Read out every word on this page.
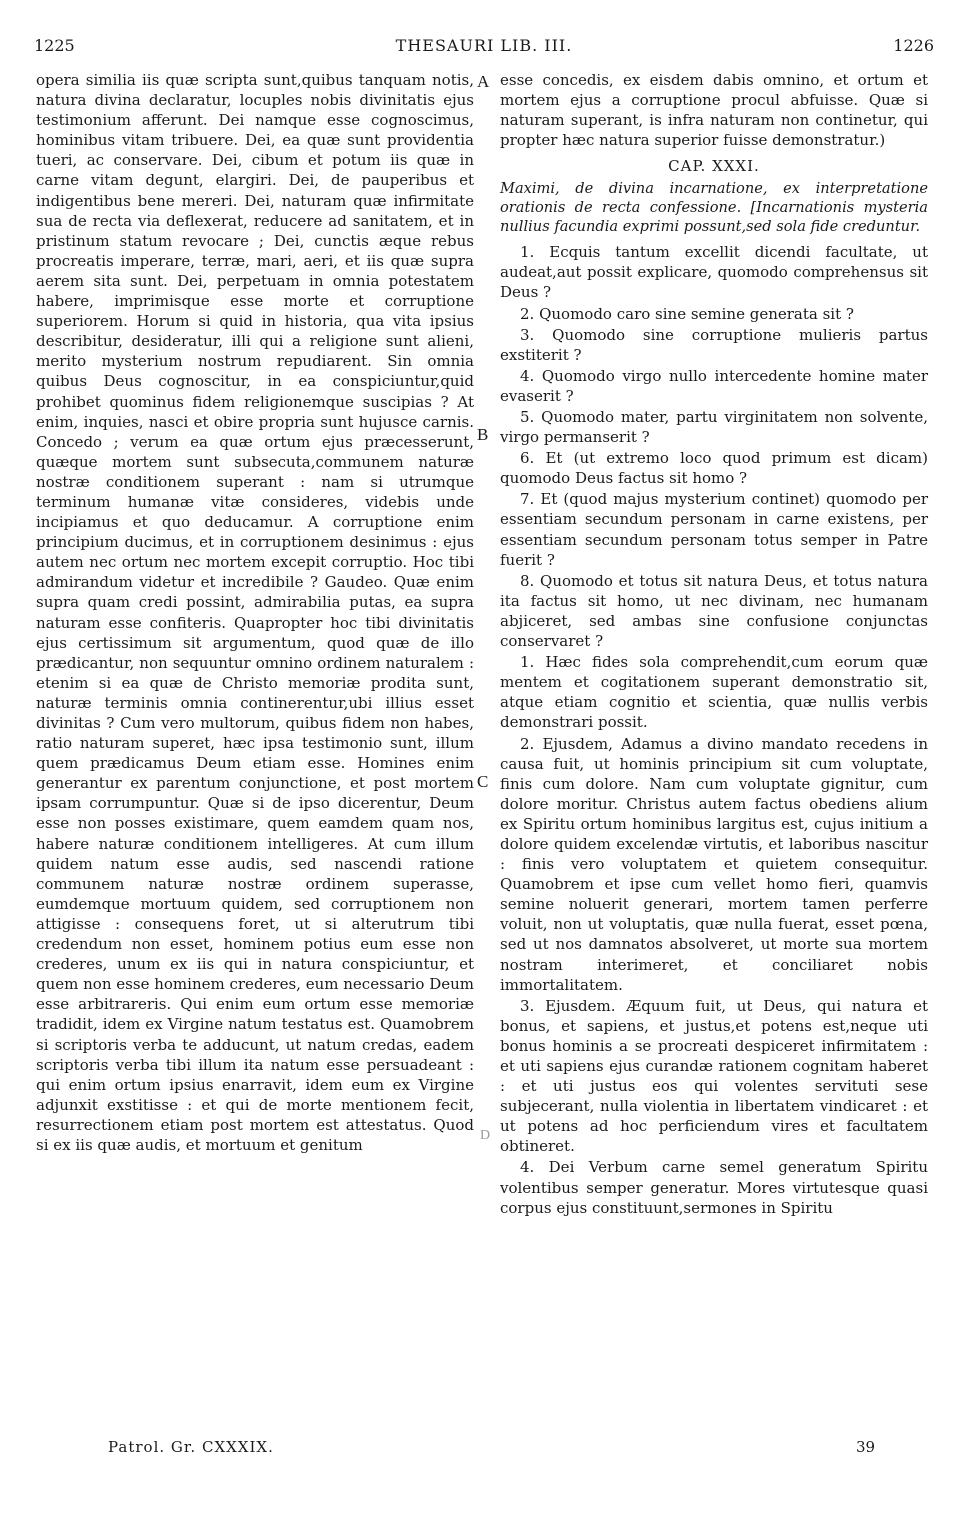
1225	THESAURI LIB. III.	1226

opera similia iis quæ scripta sunt,quibus tanquam notis, natura divina declaratur, locuples nobis divinitatis ejus testimonium afferunt. Dei namque esse cognoscimus, hominibus vitam tribuere. Dei, ea quæ sunt providentia tueri, ac conservare. Dei, cibum et potum iis quæ in carne vitam degunt, elargiri. Dei, de pauperibus et indigentibus bene mereri. Dei, naturam quæ infirmitate sua de recta via deflexerat, reducere ad sanitatem, et in pristinum statum revocare ; Dei, cunctis æque rebus procreatis imperare, terræ, mari, aeri, et iis quæ supra aerem sita sunt. Dei, perpetuam in omnia potestatem habere, imprimisque esse morte et corruptione superiorem. Horum si quid in historia, qua vita ipsius describitur, desideratur, illi qui a religione sunt alieni, merito mysterium nostrum repudiarent. Sin omnia quibus Deus cognoscitur, in ea conspiciuntur,quid prohibet quominus fidem religionemque suscipias ? At enim, inquies, nasci et obire propria sunt hujusce carnis. Concedo ; verum ea quæ ortum ejus præcesserunt, quæque mortem sunt subsecuta,communem naturæ nostræ conditionem superant : nam si utrumque terminum humanæ vitæ consideres, videbis unde incipiamus et quo deducamur. A corruptione enim principium ducimus, et in corruptionem desinimus : ejus autem nec ortum nec mortem excepit corruptio. Hoc tibi admirandum videtur et incredibile ? Gaudeo. Quæ enim supra quam credi possint, admirabilia putas, ea supra naturam esse confiteris. Quapropter hoc tibi divinitatis ejus certissimum sit argumentum, quod quæ de illo prædicantur, non sequuntur omnino ordinem naturalem : etenim si ea quæ de Christo memoriæ prodita sunt, naturæ terminis omnia continerentur,ubi illius esset divinitas ? Cum vero multorum, quibus fidem non habes, ratio naturam superet, hæc ipsa testimonio sunt, illum quem prædicamus Deum etiam esse. Homines enim generantur ex parentum conjunctione, et post mortem ipsam corrumpuntur. Quæ si de ipso dicerentur, Deum esse non posses existimare, quem eamdem quam nos, habere naturæ conditionem intelligeres. At cum illum quidem natum esse audis, sed nascendi ratione communem naturæ nostræ ordinem superasse, eumdemque mortuum quidem, sed corruptionem non attigisse : consequens foret, ut si alterutrum tibi credendum non esset, hominem potius eum esse non crederes, unum ex iis qui in natura conspiciuntur, et quem non esse hominem crederes, eum necessario Deum esse arbitrareris. Qui enim eum ortum esse memoriæ tradidit, idem ex Virgine natum testatus est. Quamobrem si scriptoris verba te adducunt, ut natum credas, eadem scriptoris verba tibi illum ita natum esse persuadeant : qui enim ortum ipsius enarravit, idem eum ex Virgine adjunxit exstitisse : et qui de morte mentionem fecit, resurrectionem etiam post mortem est attestatus. Quod si ex iis quæ audis, et mortuum et genitum

A
B
C
D

esse concedis, ex eisdem dabis omnino, et ortum et mortem ejus a corruptione procul abfuisse. Quæ si naturam superant, is infra naturam non continetur, qui propter hæc natura superior fuisse demonstratur.)

CAP. XXXI.

Maximi, de divina incarnatione, ex interpretatione orationis de recta confessione. [Incarnationis mysteria nullius facundia exprimi possunt,sed sola fide creduntur.

1. Ecquis tantum excellit dicendi facultate, ut audeat,aut possit explicare, quomodo comprehensus sit Deus ?

2. Quomodo caro sine semine generata sit ?

3. Quomodo sine corruptione mulieris partus exstiterit ?

4. Quomodo virgo nullo intercedente homine mater evaserit ?

5. Quomodo mater, partu virginitatem non solvente, virgo permanserit ?

6. Et (ut extremo loco quod primum est dicam) quomodo Deus factus sit homo ?

7. Et (quod majus mysterium continet) quomodo per essentiam secundum personam in carne existens, per essentiam secundum personam totus semper in Patre fuerit ?

8. Quomodo et totus sit natura Deus, et totus natura ita factus sit homo, ut nec divinam, nec humanam abjiceret, sed ambas sine confusione conjunctas conservaret ?

1. Hæc fides sola comprehendit,cum eorum quæ mentem et cogitationem superant demonstratio sit, atque etiam cognitio et scientia, quæ nullis verbis demonstrari possit.

2. Ejusdem, Adamus a divino mandato recedens in causa fuit, ut hominis principium sit cum voluptate, finis cum dolore. Nam cum voluptate gignitur, cum dolore moritur. Christus autem factus obediens alium ex Spiritu ortum hominibus largitus est, cujus initium a dolore quidem excelendæ virtutis, et laboribus nascitur : finis vero voluptatem et quietem consequitur. Quamobrem et ipse cum vellet homo fieri, quamvis semine noluerit generari, mortem tamen perferre voluit, non ut voluptatis, quæ nulla fuerat, esset pœna, sed ut nos damnatos absolveret, ut morte sua mortem nostram interimeret, et conciliaret nobis immortalitatem.

3. Ejusdem. Æquum fuit, ut Deus, qui natura et bonus, et sapiens, et justus,et potens est,neque uti bonus hominis a se procreati despiceret infirmitatem : et uti sapiens ejus curandæ rationem cognitam haberet : et uti justus eos qui volentes servituti sese subjecerant, nulla violentia in libertatem vindicaret : et ut potens ad hoc perficiendum vires et facultatem obtineret.

4. Dei Verbum carne semel generatum Spiritu volentibus semper generatur. Mores virtutesque quasi corpus ejus constituunt,sermones in Spiritu

Patrol. Gr. CXXXIX.	39
